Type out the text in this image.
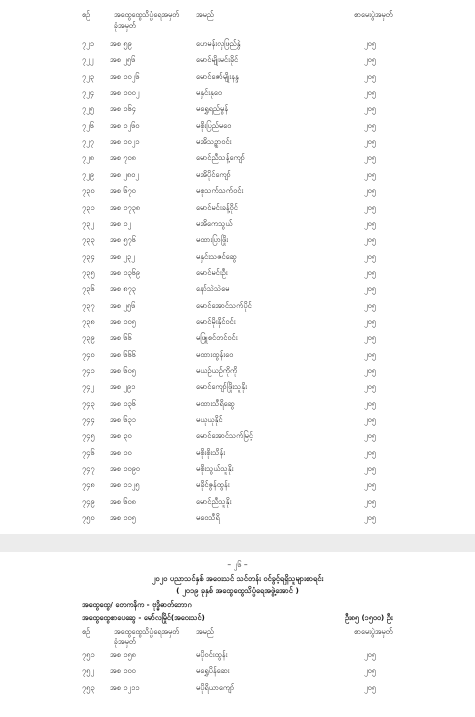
စဉ်	အထွေထွေသိပ္ပံရေအမှတ်
ခုံအမှတ်
အမည်	စာမေးပွဲအမှတ်
၇၂၁ အစ ၅၉	ဟေမန်းလှဖြည်နွဲ	၂၀၅
၇၂၂ အစ ၂၅၆	မောင်မျိုးမင်းခိုင်	၂၀၅
၇၂၃ အစ ၁၀၂၆	မောင်ဇော်မျိုးနန္ဒ	၂၀၅
၇၂၄ အစ ၁၀၀၂	မနှင်းနုဝေ	၂၀၅
၇၂၅ အစ ၁၆၄	မရွှေရည်မွန်	၂၀၅
၇၂၆ အစ ၁၂၆၀	မစိုးပြည်မဝေ	၂၀၅
၇၂၇ အစ ၁၀၂၁	မအိသဥ္စာဝင်း	၂၀၅
၇၂၈ အစ ၇၀၈	မောင်ညီသန့်ကျော်	၂၀၅
၇၂၉ အစ ၂၈၀၂	မအိပိုင်ကျော်	၂၀၅
၇၃၀ အစ ၆၇၀	မစုသက်သက်ဝင်း	၂၀၅
၇၃၁ အစ ၁၇၃၈	မောင်မင်းခန့်ဝိုင်	၂၀၅
၇၃၂ အစ ၁၂	မအိကေသွယ်	၂၀၅
၇၃၃ အစ ၅၇၆	မထားပြာဖြိုး	၂၀၅
၇၃၄ အစ ၂၃၂	မနှင်းသဇင်ဆွေ	၂၀၅
၇၃၅ အစ ၁၃၆၉	မောင်မင်းဦး	၂၀၅
၇၃၆ အစ ၈၇၃	နော်သဲသဲမေ	၂၀၅
၇၃၇ အစ ၂၅၆	မောင်အောင်သက်ပိုင်	၂၀၅
၇၃၈ အစ ၁၀၅	မောင်မိုးနိုင်ဝင်း	၂၀၅
၇၃၉ အစ ၆၆	မဖြူစင်တင်ဝင်း	၂၀၅
၇၄၀ အစ ၆၆၆	မထားထွန်းဝေ	၂၀၅
၇၄၁ အစ ၆၀၅	မယဉ်ယဉ်ကိုကို	၂၀၅
၇၄၂ အစ ၂၉၁	မောင်ကျော်ဖြိုးသူနိုး	၂၀၅
၇၄၃ အစ ၁၃၆	မထားသီရိဆွေ	၂၀၅
၇၄၄ အစ ၆၃၁	မယုယုနိုင်	၂၀၅
၇၄၅ အစ ၃၀	မောင်အောင်သက်မြင့်	၂၀၅
၇၄၆ အစ ၁၀	မစိုးစိုးသိန်း	၂၀၅
၇၄၇ အစ ၁၀၉၀	မစိုးသွယ်သူနိုး	၂၀၅
၇၄၈ အစ ၁၁၂၅	မခိုင်ဇွန်ထွန်း	၂၀၅
၇၄၉ အစ ၆၀၈	မောင်ညီသူနိုး	၂၀၅
၇၅၀ အစ ၁၀၅	မဝေသီရိ	၂၀၅
– ၂၆ –
၂၀၂၀ ပညာသင်နှစ် အဝေးသင် သင်တန်း ဝင်ခွင့်ရရှိသူများစာရင်း
( ၂၀၁၉ ခုနှစ် အထွေထွေသိပ္ပံရေအဖွဲ့အောင် )
အထွေထွေ/ တေကနိက - ဗုဒ္ဓိဓာတ်ဘောဂ
အထွေထွေစာပေဆွေ - မော်လမြိုင်(အဝေးသင်)	ဦး၈၅ (၁၅၀၀) ဦး
စဉ်	အထွေထွေသိပ္ပံရေအမှတ်
ခုံအမှတ်
အမည်	စာမေးပွဲအမှတ်
၇၅၁ အစ ၁၅၈	မပိုဝင်းထွန်း	၂၀၅
၇၅၂ အစ ၁၀၀	မရွှေပိန်ဆေး	၂၀၅
၇၅၃ အစ ၁၂၁၁	မပိုရိယာကျော်	၂၀၅
